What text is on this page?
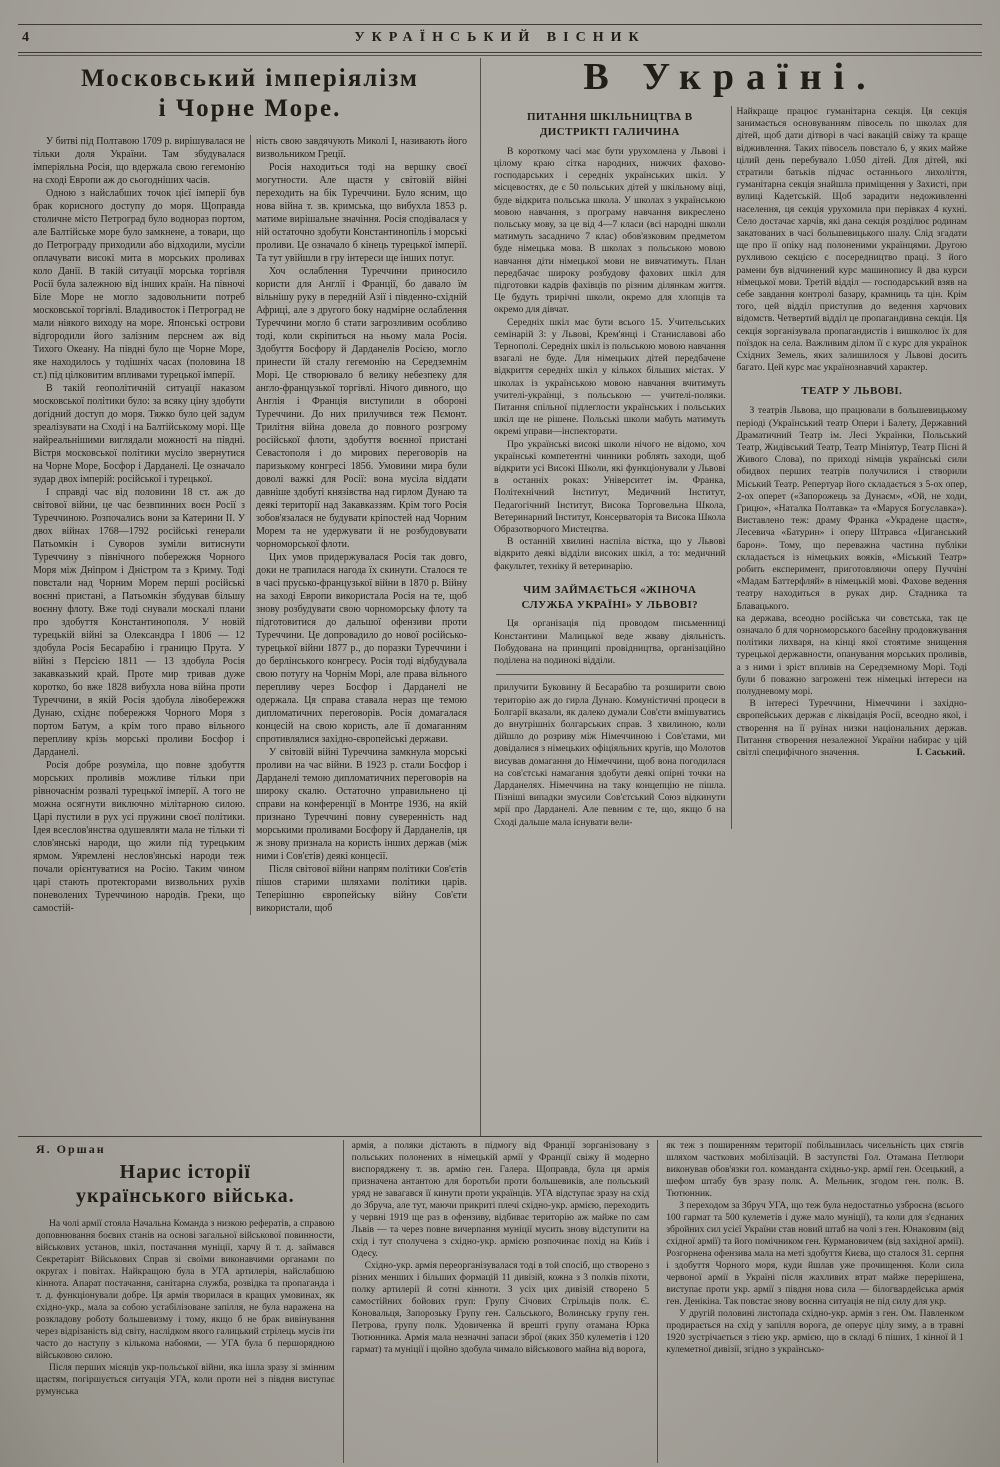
4	УКРАЇНСЬКИЙ ВІСНИК
Московський імперіялізм
і Чорне Море.

У битві під Полтавою 1709 р. вирішувалася не тільки доля України. Там збудувалася імперіяльна Росія, що вдержала свою гегемонію на сході Европи аж до сьогодніших часів.

Одною з найслабших точок цієї імперії був брак корисного доступу до моря. Щоправда столичне місто Петроград було воднораз портом, але Балтійське море було замкнене, а товари, що до Петрограду приходили або відходили, мусіли оплачувати високі мита в морських проливах коло Данії. В такій ситуації морська торгівля Росії була залежною від інших країн. На півночі Біле Море не могло задовольнити потреб московської торгівлі. Владивосток і Петроград не мали ніякого виходу на море. Японські острови відгородили його залізним перснем аж від Тихого Океану. На півдні було ще Чорне Море, яке находилось у тодішніх часах (половина 18 ст.) під цілковитим впливами турецької імперії.

В такій геополітичній ситуації наказом московської політики було: за всяку ціну здобути догідний доступ до моря. Тяжко було цей задум зреалізувати на Сході і на Балтійському морі. Ще найреальнішими виглядали можності на півдні. Вістря московської політики мусіло звернутися на Чорне Море, Босфор і Дарданелі. Це означало зудар двох імперій: російської і турецької.

І справді час від половини 18 ст. аж до світової війни, це час безвпинних воєн Росії з Туреччиною. Розпочались вони за Катерини II. У двох війнах 1768—1792 російські генерали Патьомкін і Суворов зуміли витиснути Туреччину з північного побережжя Чорного Моря між Дніпром і Дністром та з Криму. Тоді повстали над Чорним Морем перші російські воєнні пристані, а Патьомкін збудував більшу воєнну флоту. Вже тоді снували москалі плани про здобуття Константинополя. У новій турецькій війні за Олександра І 1806 — 12 здобула Росія Бесарабію і границю Прута. У війні з Персією 1811 — 13 здобула Росія закавказький край. Проте мир тривав дуже коротко, бо вже 1828 вибухла нова війна проти Туреччини, в якій Росія здобула лівобережжя Дунаю, східнє побережжя Чорного Моря з портом Батум, а крім того право вільного перепливу крізь морські проливи Босфор і Дарданелі.

Росія добре розуміла, що повне здобуття морських проливів можливе тільки при рівночаснім розвалі турецької імперії. А того не можна осягнути виключно мілітарною силою. Царі пустили в рух усі пружини своєї політики. Ідея всеслов'янства одушевляти мала не тільки ті слов'янські народи, що жили під турецьким ярмом. Уяремлені неслов'янські народи теж почали орієнтуватися на Росію. Таким чином царі стають протекторами визвольних рухів поневолених Туреччиною народів. Греки, що самостій-

ність свою завдячують Миколі І, називають його визвольником Греції.

Росія находиться тоді на вершку своєї могутности. Але щастя у світовій війні переходить на бік Туреччини. Було ясним, що нова війна т. зв. кримська, що вибухла 1853 р. матиме вирішальне значіння. Росія сподівалася у ній остаточно здобути Константинопіль і морські проливи. Це означало б кінець турецької імперії. Та тут увійшли в гру інтереси ще інших потуг.

Хоч ослаблення Туреччини приносило користи для Англії і Франції, бо давало їм вільнішу руку в передній Азії і південно-східній Африці, але з другого боку надмірне ослаблення Туреччини могло б стати загрозливим особливо тоді, коли скріпиться на ньому мала Росія. Здобуття Босфору й Дарданелів Росією, могло принести їй сталу гегемонію на Середземнім Морі. Це створювало б велику небезпеку для англо-французької торгівлі. Нічого дивного, що Англія і Франція виступили в обороні Туреччини. До них прилучився теж Пємонт. Трилітня війна довела до повного розгрому російської флоти, здобуття воєнної пристані Севастополя і до мирових переговорів на паризькому конгресі 1856. Умовини мира були доволі важкі для Росії: вона мусіла віддати давніше здобуті князівства над гирлом Дунаю та деякі території над Закавказзям. Крім того Росія зобов'язалася не будувати кріпостей над Чорним Морем та не удержувати й не розбудовувати чорноморської флоти.

Цих умов придержувалася Росія так довго, доки не трапилася нагода їх скинути. Сталося те в часі прусько-французької війни в 1870 р. Війну на заході Европи використала Росія на те, щоб знову розбудувати свою чорноморську флоту та підготовитися до дальшої офензиви проти Туреччини. Це допровадило до нової російсько-турецької війни 1877 р., до поразки Туреччини і до берлінського конгресу. Росія тоді відбудувала свою потугу на Чорнім Морі, але права вільного перепливу через Босфор і Дарданелі не одержала. Ця справа ставала нераз ще темою дипломатичних переговорів. Росія домагалася концесій на свою користь, але її домаганням спротивлялися західно-європейські держави.

У світовій війні Туреччина замкнула морські проливи на час війни. В 1923 р. стали Босфор і Дарданелі темою дипломатичних переговорів на широку скалю. Остаточно управильнено ці справи на конференції в Монтре 1936, на якій признано Туреччині повну суверенність над морськими проливами Босфору й Дарданелів, ця ж знову признала на користь інших держав (між ними і Сов'єтів) деякі концесії.

Після світової війни напрям політики Сов'єтів пішов старими шляхами політики царів. Теперішню європейську війну Сов'єти використали, щоб

В Україні.
ПИТАННЯ ШКІЛЬНИЦТВА В ДИСТРИКТІ ГАЛИЧИНА

В короткому часі має бути урухомлена у Львові і цілому краю сітка народних, нижчих фахово-господарських і середніх українських шкіл. У місцевостях, де є 50 польських дітей у шкільному віці, буде відкрита польська школа. У школах з українською мовою навчання, з програму навчання викреслено польську мову, за це від 4—7 класи (всі народні школи матимуть засадничо 7 клас) обов'язковим предметом буде німецька мова. В школах з польською мовою навчання діти німецької мови не вивчатимуть. План передбачає широку розбудову фахових шкіл для підготовки кадрів фахівців по різним ділянкам життя. Це будуть трирічні школи, окремо для хлопців та окремо для дівчат.

Середніх шкіл має бути всього 15. Учительських семінарій 3: у Львові, Крем'янці і Станиславові або Тернополі. Середніх шкіл із польською мовою навчання взагалі не буде. Для німецьких дітей передбачене відкриття середніх шкіл у кількох більших містах. У школах із українською мовою навчання вчитимуть учителі-українці, з польською — учителі-поляки. Питання спільної підлеглости українських і польських шкіл ще не рішене. Польські школи мабуть матимуть окремі управи—інспекторати.

Про українські високі школи нічого не відомо, хоч українські компетентні чинники роблять заходи, щоб відкрити усі Високі Школи, які функціонували у Львові в останніх роках: Університет ім. Франка, Політехнічний Інститут, Медичний Інститут, Педагогічний Інститут, Висока Торговельна Школа, Ветеринарний Інститут, Консерваторія та Висока Школа Образотворчого Мистецтва.

В останній хвилині наспіла вістка, що у Львові відкрито деякі відділи високих шкіл, а то: медичний факультет, техніку й ветеринарію.

ЧИМ ЗАЙМАЄТЬСЯ «ЖІНОЧА СЛУЖБА УКРАЇНІ» У ЛЬВОВІ?

Ця організація під проводом письменниці Константини Малицької веде жваву діяльність. Побудована на принципі провідництва, організаційно поділена на подинокі відділи.

прилучити Буковину й Бесарабію та розширити свою територію аж до гирла Дунаю. Комуністичні процеси в Болгарії вказали, як далеко думали Сов'єти вмішуватись до внутрішніх болгарських справ. З хвилиною, коли дійшло до розриву між Німеччиною і Сов'єтами, ми довідалися з німецьких офіціяльних кругів, що Молотов висував домагання до Німеччини, щоб вона погодилася на сов'єтські намагання здобути деякі опірні точки на Дарданелях. Німеччина на таку концепцію не пішла. Пізніші випадки змусили Сов'єтський Союз відкинути мрії про Дарданелі. Але певним є те, що, якщо б на Сході дальше мала існувати вели-

Найкраще працює гуманітарна секція. Ця секція занимається основуванням півосель по школах для дітей, щоб дати дітворі в часі вакацій свіжу та краще відживлення. Таких півосель повстало 6, у яких майже цілий день перебувало 1.050 дітей. Для дітей, які стратили батьків підчас останнього лихоліття, гуманітарна секція знайшла приміщення у Захисті, при вулиці Кадетській. Щоб зарадити недоживленні населення, ця секція урухомила при перівках 4 кухні. Село достачає харчів, які дана секція розділює родинам закатованих в часі большевицького шалу. Слід згадати ще про її опіку над полоненими українцями. Другою рухливою секцією є посередництво праці. З його рамени був відчинений курс машинопису й два курси німецької мови. Третій відділ — господарський взяв на себе завдання контролі базару, крамниць та цін. Крім того, цей відділ приступив до ведення харчових відомств. Четвертий відділ це пропагандивна секція. Ця секція зорганізувала пропагандистів і вишколює їх для поїздок на села. Важливим ділом її є курс для українок Східних Земель, яких залишилося у Львові досить багато. Цей курс має українознавчий характер.

ТЕАТР У ЛЬВОВІ.

З театрів Львова, що працювали в большевицькому періоді (Український театр Опери і Балету, Державний Драматичний Театр ім. Лесі Українки, Польський Театр, Жидівський Театр, Театр Мініятур, Театр Пісні й Живого Слова), по приході німців українські сили обидвох перших театрів получилися і створили Міський Театр. Репертуар його складається з 5-ох опер, 2-ох оперет («Запорожець за Дунаєм», «Ой, не ходи, Грицю», «Наталка Полтавка» та «Маруся Богуславка»). Виставлено теж: драму Франка «Украдене щастя», Лесевича «Батурин» і оперу Штравса «Циганський барон». Тому, що переважна частина публіки складається із німецьких вояків, «Міський Театр» робить експеримент, приготовляючи оперу Пуччіні «Мадам Баттерфляй» в німецькій мові. Фахове ведення театру находиться в руках дир. Стадника та Блавацького.

ка держава, всеодно російська чи совєтська, так це означало б для чорноморського басейну продовжування політики лихваря, на кінці якої стоятиме знищення турецької державности, опанування морських проливів, а з ними і зріст впливів на Середземному Морі. Тоді були б поважно загрожені теж німецькі інтереси на полудневому морі.

В інтересі Туреччини, Німеччини і західно-європейських держав є ліквідація Росії, всеодно якої, і створення на її руїнах низки національних держав. Питання створення незалежної України набирає у цій світлі специфічного значення.	І. Саський.

Я. Оршан
Нарис історії
українського війська.

На чолі армії стояла Начальна Команда з низкою рефератів, а справою доповнювання боєвих станів на основі загальної військової повинности, військових установ, шкіл, постачання муніції, харчу й т. д. займався Секретаріят Військових Справ зі своїми виконавчими органами по округах і повітах. Найкращою була в УГА артилерія, найслабшою кіннота. Апарат постачання, санітарна служба, розвідка та пропаганда і т. д. функціонували добре. Ця армія творилася в кращих умовинах, як східно-укр., мала за собою устабілізоване запілля, не була наражена на розкладову роботу большевизму і тому, якщо б не брак вивінування через відрізаність від світу, наслідком якого галицький стрілець мусів іти часто до наступу з кількома набоями, — УГА була б першорядною військовою силою.

Після перших місяців укр-польської війни, яка ішла зразу зі змінним щастям, погіршується ситуація УГА, коли проти неї з півдня виступає румунська

армія, а поляки дістають в підмогу від Франції зорганізовану з польських полонених в німецькій армії у Франції свіжу й модерно виспоряджену т. зв. армію ген. Галера. Щоправда, була ця армія призначена антантою для боротьби проти большевиків, але польський уряд не завагався її кинути проти українців. УГА відступає зразу на схід до Збруча, але тут, маючи прикриті плечі східно-укр. армією, переходить у червні 1919 ще раз в офензиву, відбиває територію аж майже по сам Львів — та через повне вичерпання муніції мусить знову відступити на схід і тут сполучена з східно-укр. армією розпочинає похід на Київ і Одесу.

Східно-укр. армія переорганізувалася тоді в той спосіб, що створено з різних менших і більших формацій 11 дивізій, кожна з 3 полків піхоти, полку артилерії й сотні кінноти. З усіх цих дивізій створено 5 самостійних бойових груп: Групу Січових Стрільців полк. Є. Коновальця, Запорозьку Групу ген. Сальського, Волинську групу ген. Петрова, групу полк. Удовиченка й врешті групу отамана Юрка Тютюнника. Армія мала незначні запаси зброї (яких 350 кулеметів і 120 гармат) та муніції і щойно здобула чимало військового майна від ворога,

як теж з поширенням території побільшилась чисельність цих стягів шляхом часткових мобілізацій. В заступстві Гол. Отамана Петлюри виконував обов'язки гол. команданта східньо-укр. армії ген. Осецький, а шефом штабу був зразу полк. А. Мельник, згодом ген. полк. В. Тютюнник.

З переходом за Збруч УГА, що теж була недостатньо узброєна (всього 100 гармат та 500 кулеметів і дуже мало муніції), та коли для з'єднаних збройних сил усієї України став новий штаб на чолі з ген. Юнаковим (від східної армії) та його помічником ген. Курмановичем (від західної армії). Розгорнена офензива мала на меті здобуття Києва, що сталося 31. серпня і здобуття Чорного моря, куди йшлав уже прочищення. Коли сила червоної армії в Україні після жахливих втрат майже перерішена, виступає проти укр. армії з півдня нова сила — білогвардейська армія ген. Денікіна. Так повстає знову воєнна ситуація не під силу для укр.

У другій половині листопада східно-укр. армія з ген. Ом. Павленком продирається на схід у запілля ворога, де оперує цілу зиму, а в травні 1920 зустрічається з тією укр. армією, що в складі 6 піших, 1 кінної й 1 кулеметної дивізії, згідно з українсько-
